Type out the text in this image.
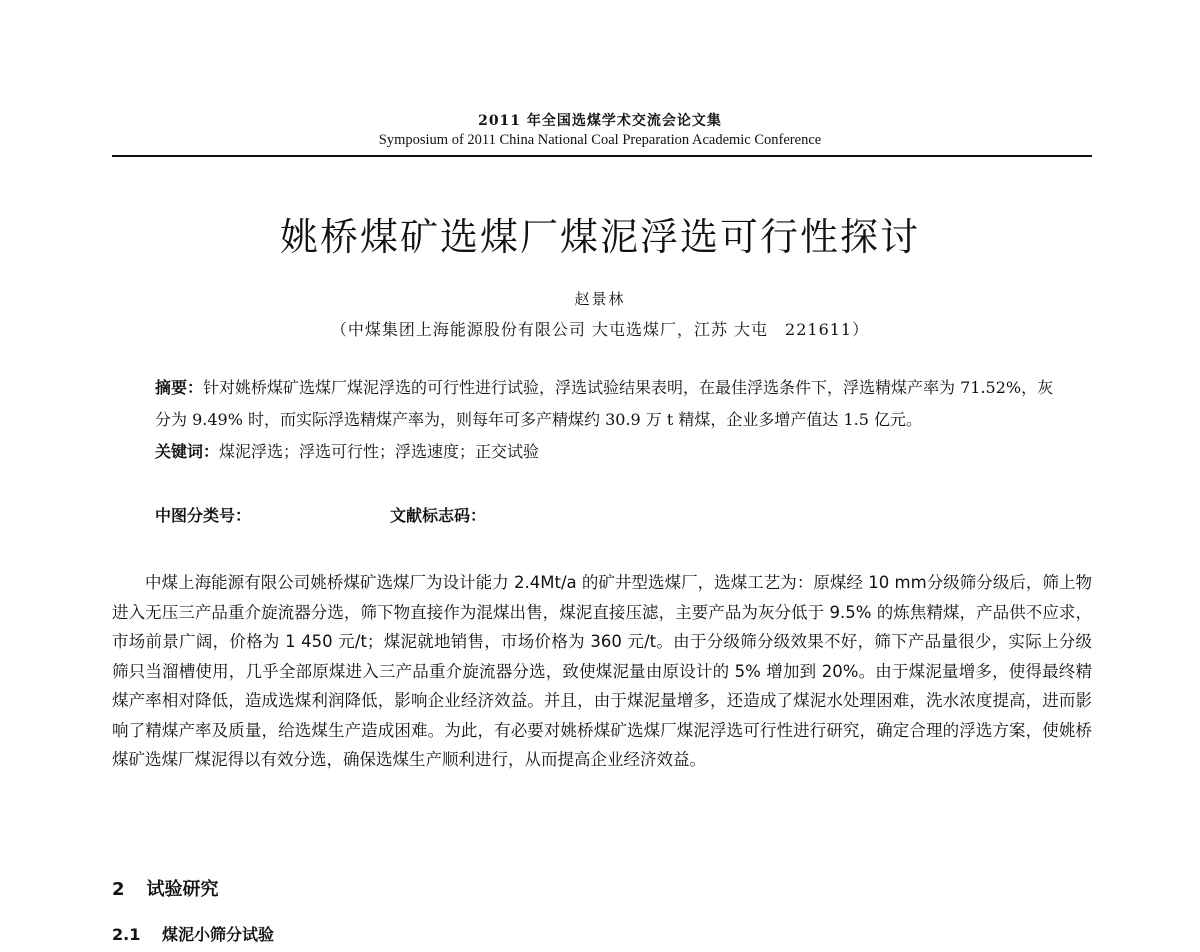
2011 年全国选煤学术交流会论文集
Symposium of 2011 China National Coal Preparation Academic Conference
姚桥煤矿选煤厂煤泥浮选可行性探讨
赵景林
（中煤集团上海能源股份有限公司 大屯选煤厂，江苏 大屯　221611）

摘要：针对姚桥煤矿选煤厂煤泥浮选的可行性进行试验，浮选试验结果表明，在最佳浮选条件下，浮选精煤产率为 71.52%，灰分为 9.49% 时，而实际浮选精煤产率为，则每年可多产精煤约 30.9 万 t 精煤，企业多增产值达 1.5 亿元。

关键词：煤泥浮选；浮选可行性；浮选速度；正交试验

中图分类号：	文献标志码：

中煤上海能源有限公司姚桥煤矿选煤厂为设计能力 2.4Mt/a 的矿井型选煤厂，选煤工艺为：原煤经 10 mm分级筛分级后，筛上物进入无压三产品重介旋流器分选，筛下物直接作为混煤出售，煤泥直接压滤，主要产品为灰分低于 9.5% 的炼焦精煤，产品供不应求，市场前景广阔，价格为 1 450 元/t；煤泥就地销售，市场价格为 360 元/t。由于分级筛分级效果不好，筛下产品量很少，实际上分级筛只当溜槽使用，几乎全部原煤进入三产品重介旋流器分选，致使煤泥量由原设计的 5% 增加到 20%。由于煤泥量增多，使得最终精煤产率相对降低，造成选煤利润降低，影响企业经济效益。并且，由于煤泥量增多，还造成了煤泥水处理困难，洗水浓度提高，进而影响了精煤产率及质量，给选煤生产造成困难。为此，有必要对姚桥煤矿选煤厂煤泥浮选可行性进行研究，确定合理的浮选方案，使姚桥煤矿选煤厂煤泥得以有效分选，确保选煤生产顺利进行，从而提高企业经济效益。

2 试验研究
2.1 煤泥小筛分试验
